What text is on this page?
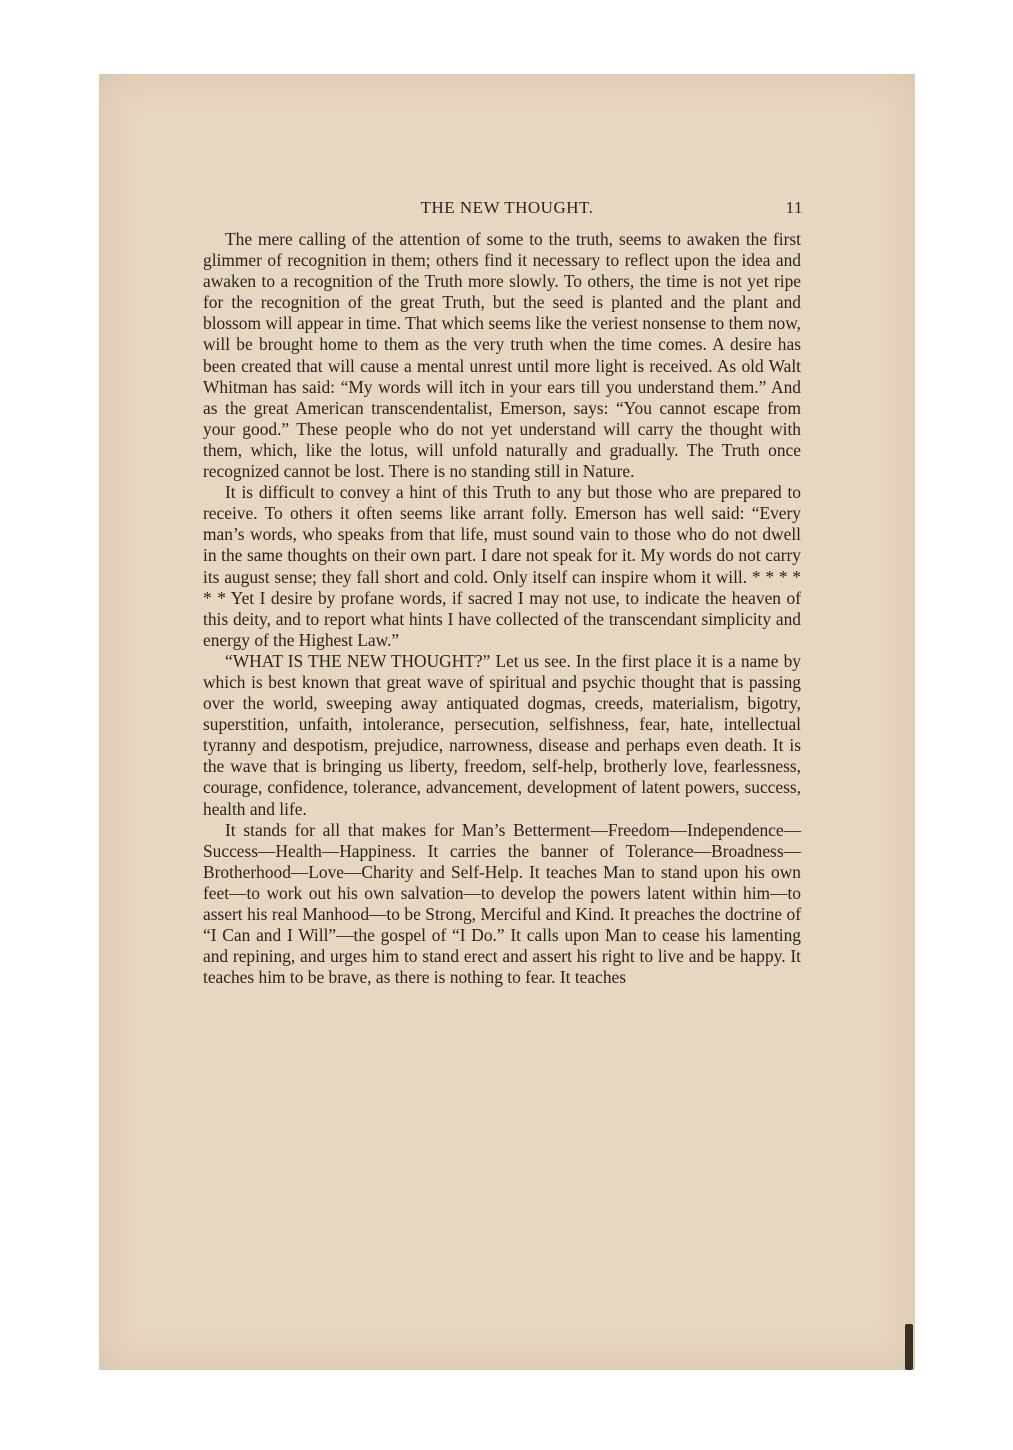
THE NEW THOUGHT.	11

The mere calling of the attention of some to the truth, seems to awaken the first glimmer of recognition in them; others find it necessary to reflect upon the idea and awaken to a recognition of the Truth more slowly. To others, the time is not yet ripe for the recognition of the great Truth, but the seed is planted and the plant and blossom will appear in time. That which seems like the veriest nonsense to them now, will be brought home to them as the very truth when the time comes. A desire has been created that will cause a mental unrest until more light is received. As old Walt Whitman has said: “My words will itch in your ears till you understand them.” And as the great American transcendentalist, Emerson, says: “You cannot escape from your good.” These people who do not yet understand will carry the thought with them, which, like the lotus, will unfold naturally and gradually. The Truth once recognized cannot be lost. There is no standing still in Nature.

It is difficult to convey a hint of this Truth to any but those who are prepared to receive. To others it often seems like arrant folly. Emerson has well said: “Every man’s words, who speaks from that life, must sound vain to those who do not dwell in the same thoughts on their own part. I dare not speak for it. My words do not carry its august sense; they fall short and cold. Only itself can inspire whom it will. * * * * * * Yet I desire by profane words, if sacred I may not use, to indicate the heaven of this deity, and to report what hints I have collected of the transcendant simplicity and energy of the Highest Law.”

“WHAT IS THE NEW THOUGHT?” Let us see. In the first place it is a name by which is best known that great wave of spiritual and psychic thought that is passing over the world, sweeping away antiquated dogmas, creeds, materialism, bigotry, superstition, unfaith, intolerance, persecution, selfishness, fear, hate, intellectual tyranny and despotism, prejudice, narrowness, disease and perhaps even death. It is the wave that is bringing us liberty, freedom, self-help, brotherly love, fearlessness, courage, confidence, tolerance, advancement, development of latent powers, success, health and life.

It stands for all that makes for Man’s Betterment—Freedom—Independence—Success—Health—Happiness. It carries the banner of Tolerance—Broadness—Brotherhood—Love—Charity and Self-Help. It teaches Man to stand upon his own feet—to work out his own salvation—to develop the powers latent within him—to assert his real Manhood—to be Strong, Merciful and Kind. It preaches the doctrine of “I Can and I Will”—the gospel of “I Do.” It calls upon Man to cease his lamenting and repining, and urges him to stand erect and assert his right to live and be happy. It teaches him to be brave, as there is nothing to fear. It teaches
